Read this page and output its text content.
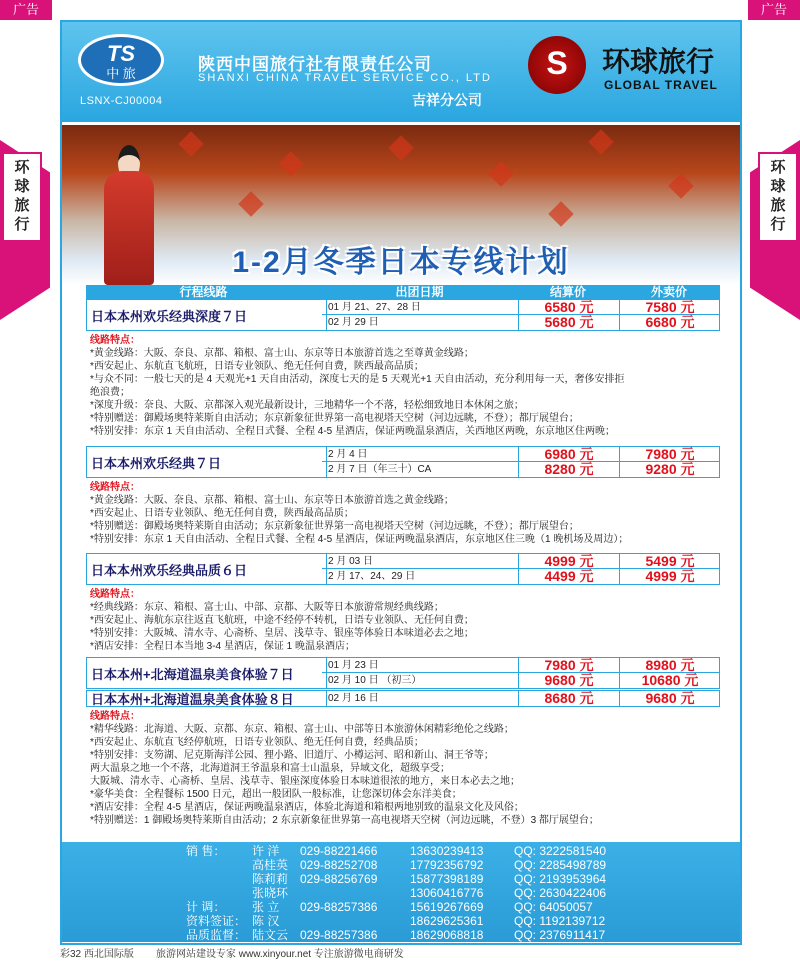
广告	广告
环
球
旅
行
环
球
旅
行
TS
中 旅
LSNX-CJ00004
陕西中国旅行社有限责任公司
SHANXI CHINA TRAVEL SERVICE CO., LTD
吉祥分公司
S	环球旅行
GLOBAL TRAVEL
1-2月冬季日本专线计划
行程线路	出团日期	结算价	外卖价
日本本州欢乐经典深度７日
01 月 21、27、28 日	6580 元	7580 元
02 月 29 日	5680 元	6680 元
线路特点：
*黄金线路：大阪、奈良、京都、箱根、富士山、东京等日本旅游首选之至尊黄金线路；
*西安起止、东航直飞航班，日语专业领队、绝无任何自费，陕西最高品质；
*与众不同：一般七天的是 4 天观光+1 天自由活动，深度七天的是 5 天观光+1 天自由活动，充分利用每一天，奢侈安排拒
绝浪费；
*深度升级：奈良、大阪、京都深入观光最新设计，三地精华一个不落，轻松细致地日本休闲之旅；
*特别赠送：御殿场奥特莱斯自由活动；东京新象征世界第一高电视塔天空树（河边远眺，不登）；都厅展望台；
*特别安排：东京 1 天自由活动、全程日式餐、全程 4-5 星酒店，保证两晚温泉酒店，关西地区两晚，东京地区住两晚；
日本本州欢乐经典７日
2 月 4 日	6980 元	7980 元
2 月 7 日（年三十）CA	8280 元	9280 元
线路特点：
*黄金线路：大阪、奈良、京都、箱根、富士山、东京等日本旅游首选之黄金线路；
*西安起止、日语专业领队、绝无任何自费，陕西最高品质；
*特别赠送：御殿场奥特莱斯自由活动；东京新象征世界第一高电视塔天空树（河边远眺，不登）；都厅展望台；
*特别安排：东京 1 天自由活动、全程日式餐、全程 4-5 星酒店，保证两晚温泉酒店，东京地区住三晚（1 晚机场及周边）；
日本本州欢乐经典品质６日
2 月 03 日	4999 元	5499 元
2 月 17、24、29 日	4499 元	4999 元
线路特点：
*经典线路：东京、箱根、富士山、中部、京都、大阪等日本旅游常规经典线路；
*西安起止、海航东京往返直飞航班，中途不经停不转机，日语专业领队、无任何自费；
*特别安排：大阪城、清水寺、心斋桥、皇居、浅草寺、银座等体验日本味道必去之地；
*酒店安排：全程日本当地 3-4 星酒店，保证 1 晚温泉酒店；
日本本州+北海道温泉美食体验７日
01 月 23 日	7980 元	8980 元
02 月 10 日 （初三）	9680 元	10680 元
日本本州+北海道温泉美食体验８日	02 月 16 日	8680 元	9680 元
线路特点：
*精华线路：北海道、大阪、京都、东京、箱根、富士山、中部等日本旅游休闲精彩绝伦之线路；
*西安起止、东航直飞经停航班，日语专业领队、绝无任何自费，经典品质；
*特别安排：支笏湖、尼克斯海洋公园、狸小路、旧道厅、小樽运河、昭和新山、洞王爷等；
两大温泉之地一个不落，北海道洞王爷温泉和富士山温泉，异域文化，超级享受；
大阪城、清水寺、心斋桥、皇居、浅草寺、银座深度体验日本味道很浓的地方，来日本必去之地；
*豪华美食：全程餐标 1500 日元，超出一般团队一般标准，让您深切体会东洋美食；
*酒店安排：全程 4-5 星酒店，保证两晚温泉酒店，体验北海道和箱根两地别致的温泉文化及风俗；
*特别赠送：1 御殿场奥特莱斯自由活动；2 东京新象征世界第一高电视塔天空树（河边远眺，不登）3 都厅展望台；
销 售： 许 洋 029-88221466	13630239413	QQ: 3222581540
高桂英 029-88252708	17792356792	QQ: 2285498789
陈莉莉 029-88256769	15877398189	QQ: 2193953964
张晓环	13060416776	QQ: 2630422406
计 调： 张 立 029-88257386	15619267669	QQ: 64050057
资料签证： 陈 汉	18629625361	QQ: 1192139712
品质监督： 陆文云 029-88257386	18629068818	QQ: 2376911417
彩32 西北国际版 旅游网站建设专家 www.xinyour.net 专注旅游微电商研发
